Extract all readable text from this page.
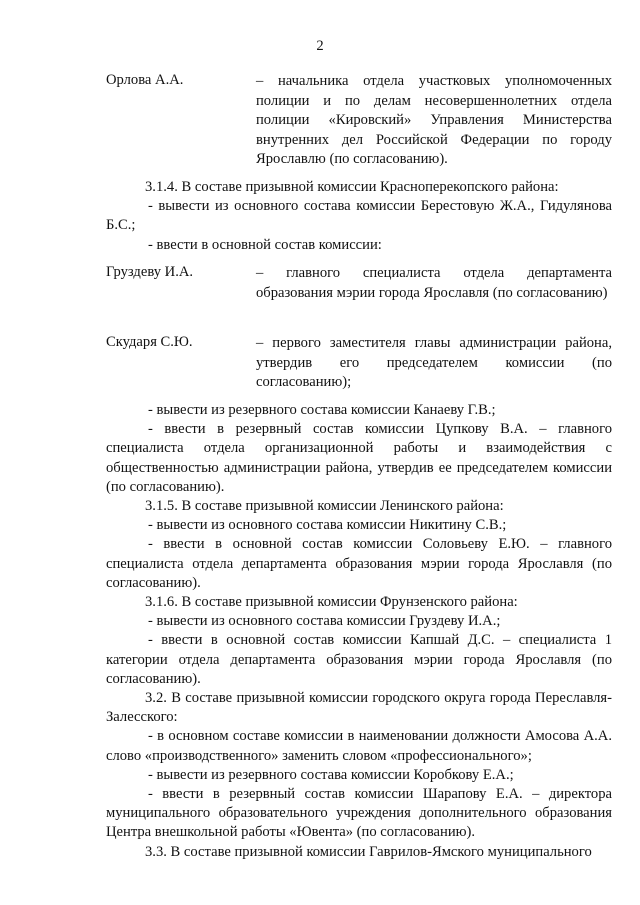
2
Орлова А.А.	– начальника отдела участковых уполномоченных полиции и по делам несовершеннолетних отдела полиции «Кировский» Управления Министерства внутренних дел Российской Федерации по городу Ярославлю (по согласованию).

3.1.4. В составе призывной комиссии Красноперекопского района:

- вывести из основного состава комиссии Берестовую Ж.А., Гидулянова Б.С.;

- ввести в основной состав комиссии:

Груздеву И.А.	– главного специалиста отдела департамента образования мэрии города Ярославля (по согласованию)
Скударя С.Ю.	– первого заместителя главы администрации района, утвердив его председателем комиссии (по согласованию);

- вывести из резервного состава комиссии Канаеву Г.В.;

- ввести в резервный состав комиссии Цупкову В.А. – главного специалиста отдела организационной работы и взаимодействия с общественностью администрации района, утвердив ее председателем комиссии (по согласованию).

3.1.5. В составе призывной комиссии Ленинского района:

- вывести из основного состава комиссии Никитину С.В.;

- ввести в основной состав комиссии Соловьеву Е.Ю. – главного специалиста отдела департамента образования мэрии города Ярославля (по согласованию).

3.1.6. В составе призывной комиссии Фрунзенского района:

- вывести из основного состава комиссии Груздеву И.А.;

- ввести в основной состав комиссии Капшай Д.С. – специалиста 1 категории отдела департамента образования мэрии города Ярославля (по согласованию).

3.2. В составе призывной комиссии городского округа города Переславля-Залесского:

- в основном составе комиссии в наименовании должности Амосова А.А. слово «производственного» заменить словом «профессионального»;

- вывести из резервного состава комиссии Коробкову Е.А.;

- ввести в резервный состав комиссии Шарапову Е.А. – директора муниципального образовательного учреждения дополнительного образования Центра внешкольной работы «Ювента» (по согласованию).

3.3. В составе призывной комиссии Гаврилов-Ямского муниципального
